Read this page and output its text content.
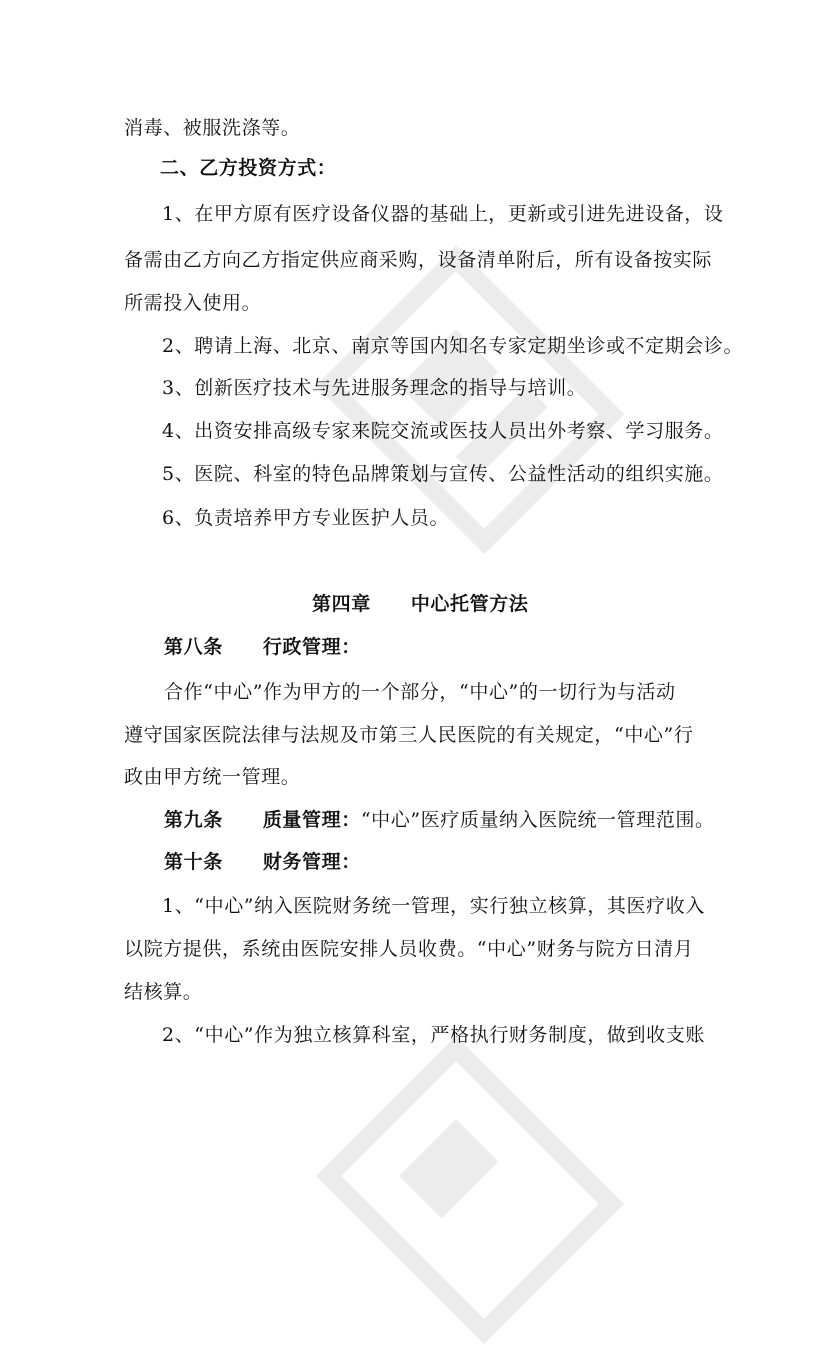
消毒、被服洗涤等。
二、乙方投资方式：
1、在甲方原有医疗设备仪器的基础上，更新或引进先进设备，设
备需由乙方向乙方指定供应商采购，设备清单附后，所有设备按实际
所需投入使用。
2、聘请上海、北京、南京等国内知名专家定期坐诊或不定期会诊。
3、创新医疗技术与先进服务理念的指导与培训。
4、出资安排高级专家来院交流或医技人员出外考察、学习服务。
5、医院、科室的特色品牌策划与宣传、公益性活动的组织实施。
6、负责培养甲方专业医护人员。
第四章 中心托管方法
第八条 行政管理：
合作“中心”作为甲方的一个部分，“中心”的一切行为与活动
遵守国家医院法律与法规及市第三人民医院的有关规定，“中心”行
政由甲方统一管理。
第九条 质量管理：“中心”医疗质量纳入医院统一管理范围。
第十条 财务管理：
1、“中心”纳入医院财务统一管理，实行独立核算，其医疗收入
以院方提供，系统由医院安排人员收费。“中心”财务与院方日清月
结核算。
2、“中心”作为独立核算科室，严格执行财务制度，做到收支账
